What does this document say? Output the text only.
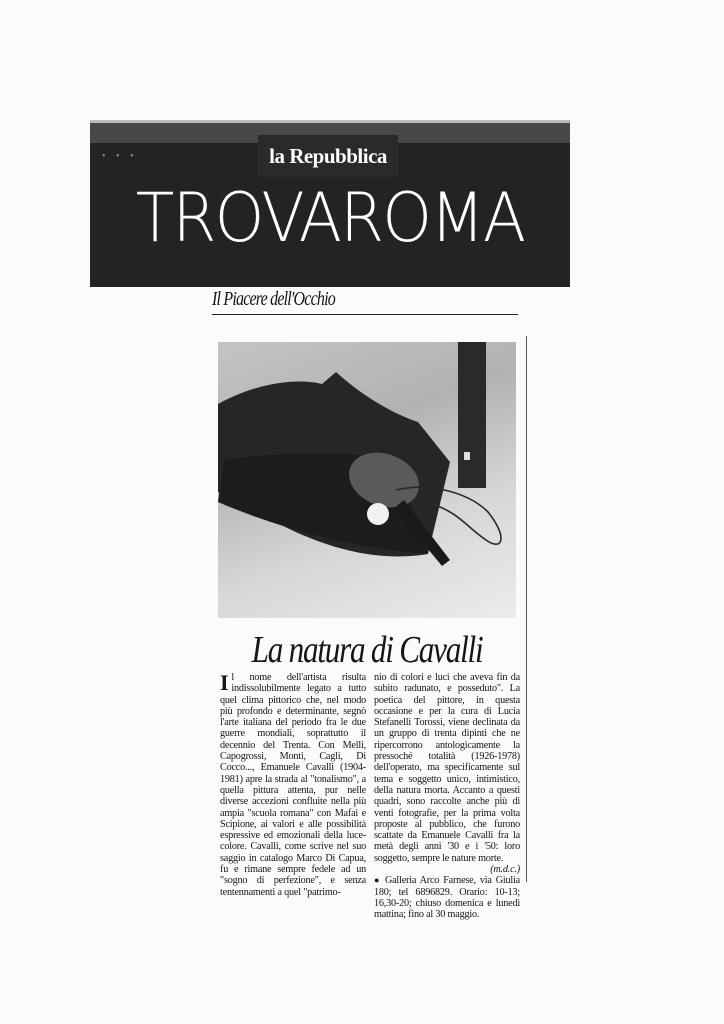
• • •	la Repubblica
TROVAROMA
Il Piacere dell'Occhio
La natura di Cavalli

Il nome dell'artista risulta indissolubilmente legato a tutto quel clima pittorico che, nel modo più profondo e determinante, segnò l'arte italiana del periodo fra le due guerre mondiali, soprattutto il decennio del Trenta. Con Melli, Capogrossi, Monti, Cagli, Di Cocco..., Emanuele Cavalli (1904-1981) apre la strada al "tonalismo", a quella pittura attenta, pur nelle diverse accezioni confluite nella più ampia "scuola romana" con Mafai e Scipione, ai valori e alle possibilità espressive ed emozionali della luce-colore. Cavalli, come scrive nel suo saggio in catalogo Marco Di Capua, fu e rimane sempre fedele ad un "sogno di perfezione", e senza tentennamenti a quel "patrimo-

nio di colori e luci che aveva fin da subito radunato, e posseduto". La poetica del pittore, in questa occasione e per la cura di Lucia Stefanelli Torossi, viene declinata da un gruppo di trenta dipinti che ne ripercorrono antologicamente la pressoché totalità (1926-1978) dell'operato, ma specificamente sul tema e soggetto unico, intimistico, della natura morta. Accanto a questi quadri, sono raccolte anche più di venti fotografie, per la prima volta proposte al pubblico, che furono scattate da Emanuele Cavalli fra la metà degli anni '30 e i '50: loro soggetto, sempre le nature morte.

(m.d.c.)

● Galleria Arco Farnese, via Giulia 180; tel 6896829. Orario: 10-13; 16,30-20; chiuso domenica e lunedì mattina; fino al 30 maggio.
